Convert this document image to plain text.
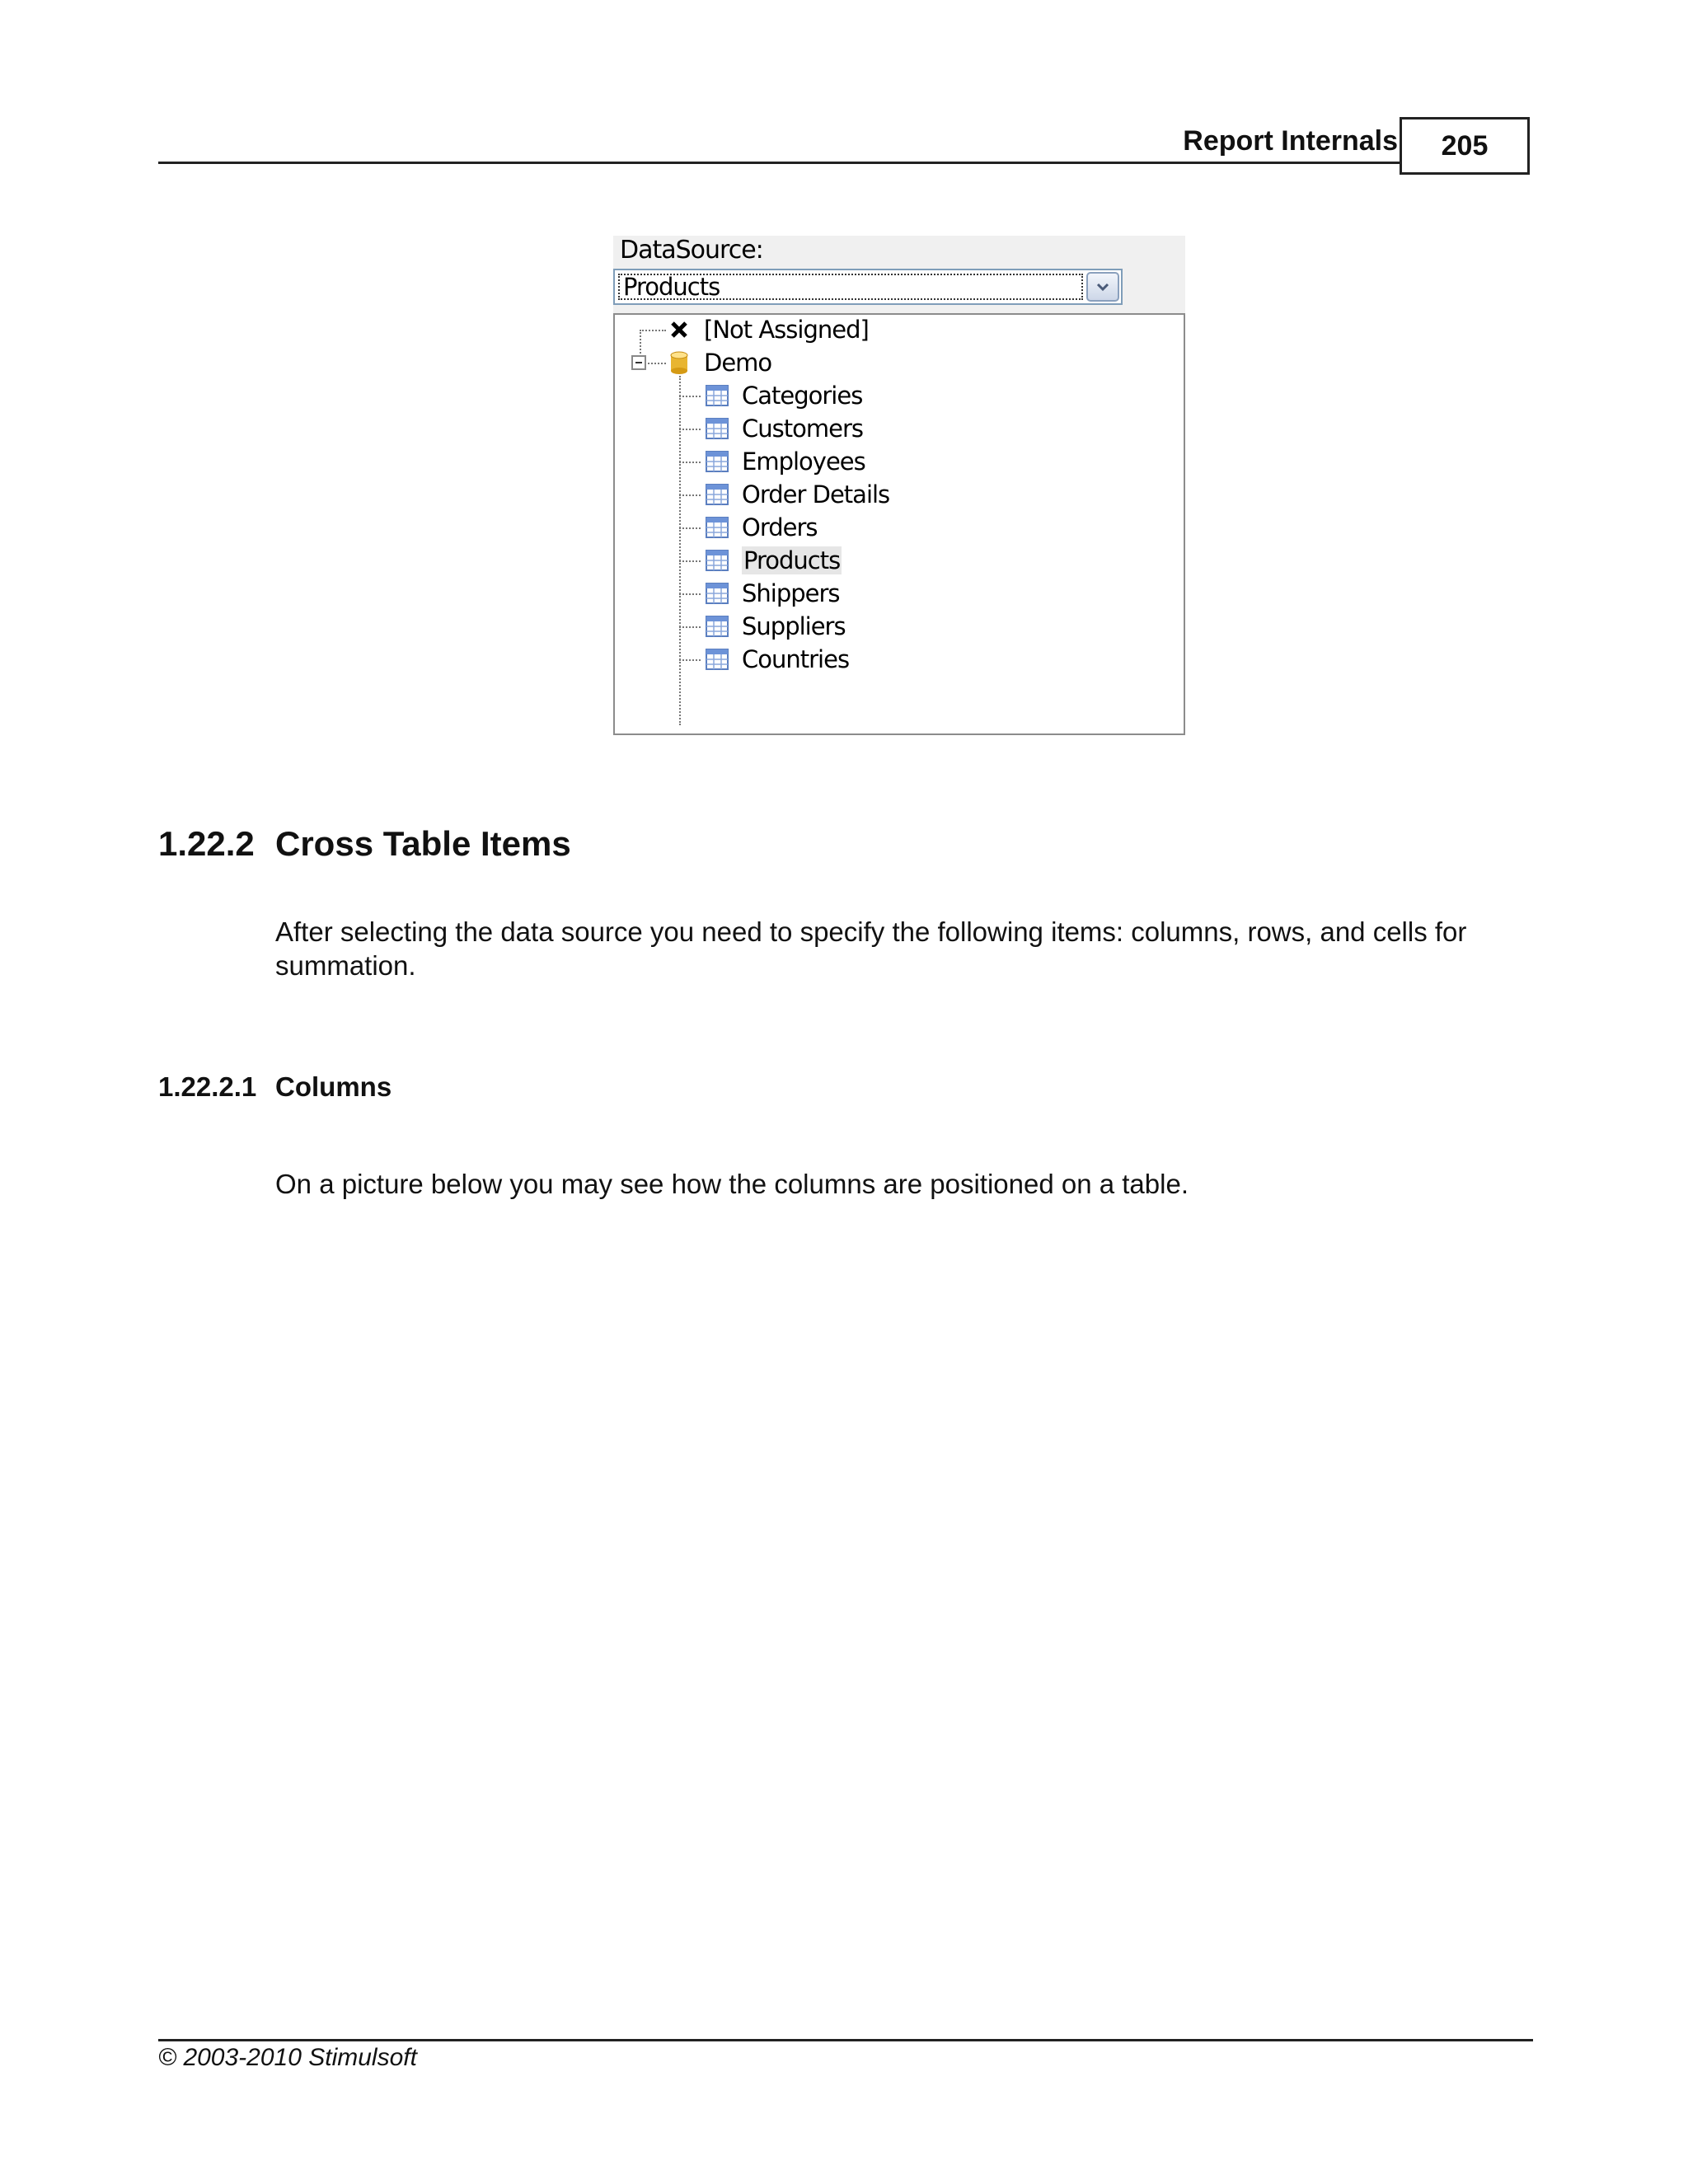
Report Internals 205
DataSource:
Products
[Not Assigned]
Demo
Categories
Customers
Employees
Order Details
Orders
Products
Shippers
Suppliers
Countries
1.22.2 Cross Table Items
After selecting the data source you need to specify the following items: columns, rows, and cells for summation.
1.22.2.1 Columns
On a picture below you may see how the columns are positioned on a table.
© 2003-2010 Stimulsoft
